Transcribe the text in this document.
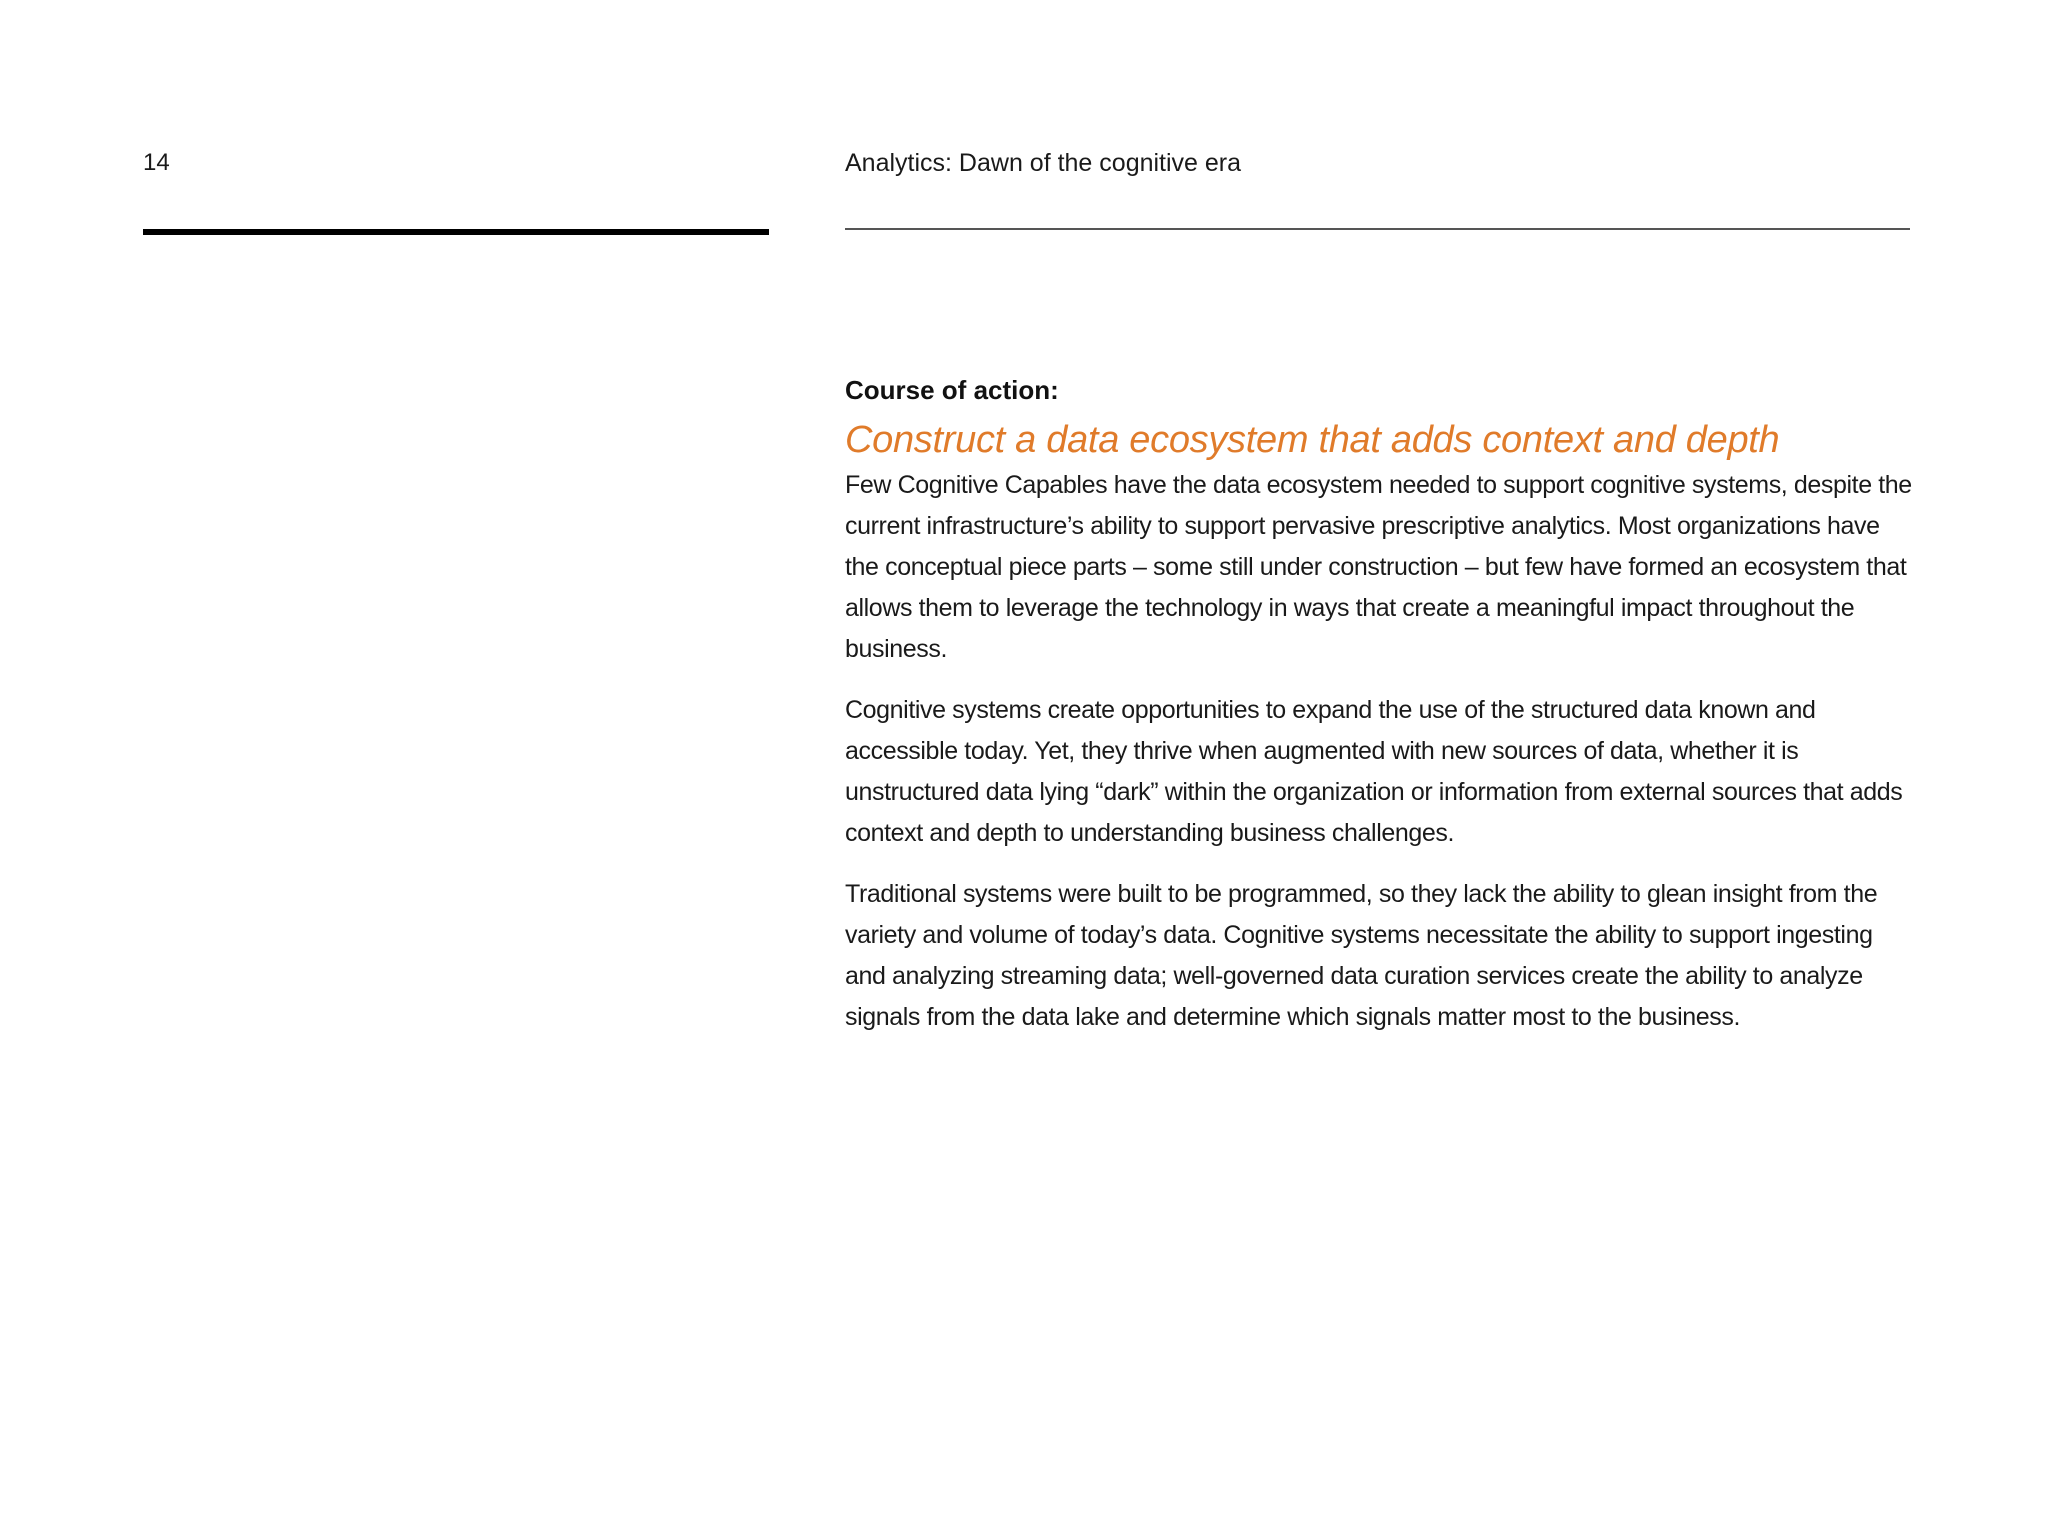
14	Analytics: Dawn of the cognitive era
Course of action:
Construct a data ecosystem that adds context and depth

Few Cognitive Capables have the data ecosystem needed to support cognitive systems, despite the current infrastructure’s ability to support pervasive prescriptive analytics. Most organizations have the conceptual piece parts – some still under construction – but few have formed an ecosystem that allows them to leverage the technology in ways that create a meaningful impact throughout the business.

Cognitive systems create opportunities to expand the use of the structured data known and accessible today. Yet, they thrive when augmented with new sources of data, whether it is unstructured data lying “dark” within the organization or information from external sources that adds context and depth to understanding business challenges.

Traditional systems were built to be programmed, so they lack the ability to glean insight from the variety and volume of today’s data. Cognitive systems necessitate the ability to support ingesting and analyzing streaming data; well-governed data curation services create the ability to analyze signals from the data lake and determine which signals matter most to the business.
